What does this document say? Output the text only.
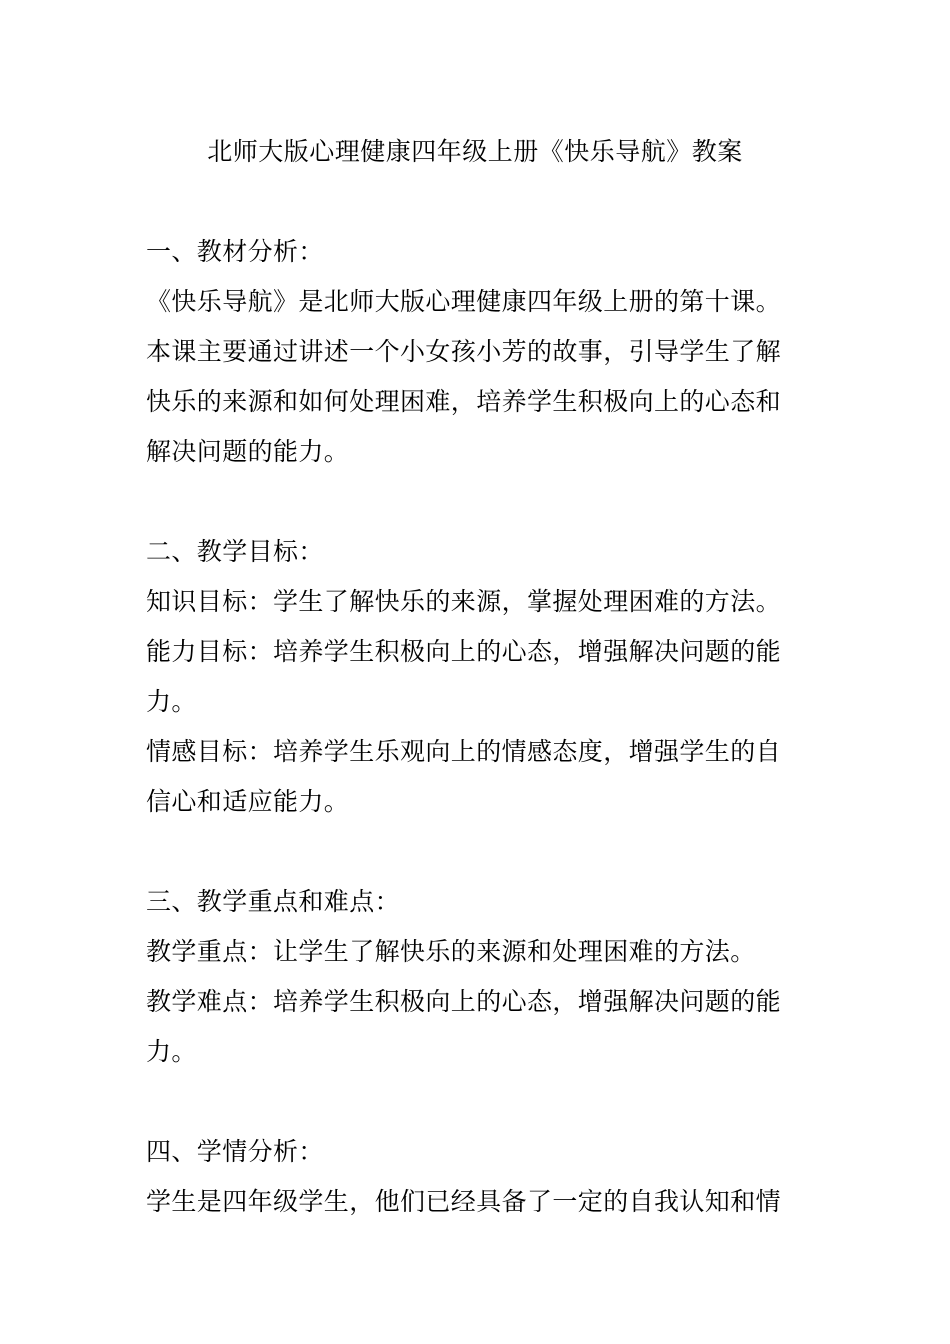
北师大版心理健康四年级上册《快乐导航》教案
一、教材分析：
《快乐导航》是北师大版心理健康四年级上册的第十课。
本课主要通过讲述一个小女孩小芳的故事，引导学生了解
快乐的来源和如何处理困难，培养学生积极向上的心态和
解决问题的能力。
二、教学目标：
知识目标：学生了解快乐的来源，掌握处理困难的方法。
能力目标：培养学生积极向上的心态，增强解决问题的能
力。
情感目标：培养学生乐观向上的情感态度，增强学生的自
信心和适应能力。
三、教学重点和难点：
教学重点：让学生了解快乐的来源和处理困难的方法。
教学难点：培养学生积极向上的心态，增强解决问题的能
力。
四、学情分析：
学生是四年级学生，他们已经具备了一定的自我认知和情
